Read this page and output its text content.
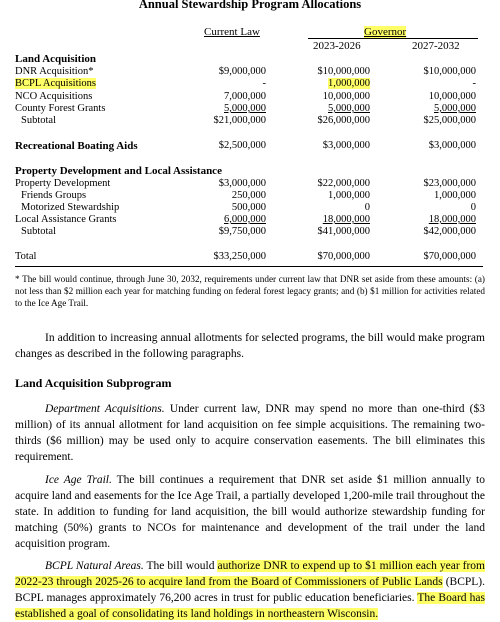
Annual Stewardship Program Allocations
Current Law	Governor
2023-2026	2027-2032
Land Acquisition
DNR Acquisition*	$9,000,000	$10,000,000	$10,000,000
BCPL Acquisitions	-	1,000,000	-
NCO Acquisitions	7,000,000	10,000,000	10,000,000
County Forest Grants	5,000,000	5,000,000	5,000,000
Subtotal	$21,000,000	$26,000,000	$25,000,000
Recreational Boating Aids	$2,500,000	$3,000,000	$3,000,000
Property Development and Local Assistance
Property Development	$3,000,000	$22,000,000	$23,000,000
Friends Groups	250,000	1,000,000	1,000,000
Motorized Stewardship	500,000	0	0
Local Assistance Grants	6,000,000	18,000,000	18,000,000
Subtotal	$9,750,000	$41,000,000	$42,000,000
Total	$33,250,000	$70,000,000	$70,000,000
* The bill would continue, through June 30, 2032, requirements under current law that DNR set aside from these amounts: (a) not less than $2 million each year for matching funding on federal forest legacy grants; and (b) $1 million for activities related to the Ice Age Trail.
In addition to increasing annual allotments for selected programs, the bill would make program changes as described in the following paragraphs.
Land Acquisition Subprogram
Department Acquisitions. Under current law, DNR may spend no more than one-third ($3 million) of its annual allotment for land acquisition on fee simple acquisitions. The remaining two-thirds ($6 million) may be used only to acquire conservation easements. The bill eliminates this requirement.
Ice Age Trail. The bill continues a requirement that DNR set aside $1 million annually to acquire land and easements for the Ice Age Trail, a partially developed 1,200-mile trail throughout the state. In addition to funding for land acquisition, the bill would authorize stewardship funding for matching (50%) grants to NCOs for maintenance and development of the trail under the land acquisition program.
BCPL Natural Areas. The bill would authorize DNR to expend up to $1 million each year from 2022-23 through 2025-26 to acquire land from the Board of Commissioners of Public Lands (BCPL). BCPL manages approximately 76,200 acres in trust for public education beneficiaries. The Board has established a goal of consolidating its land holdings in northeastern Wisconsin.
